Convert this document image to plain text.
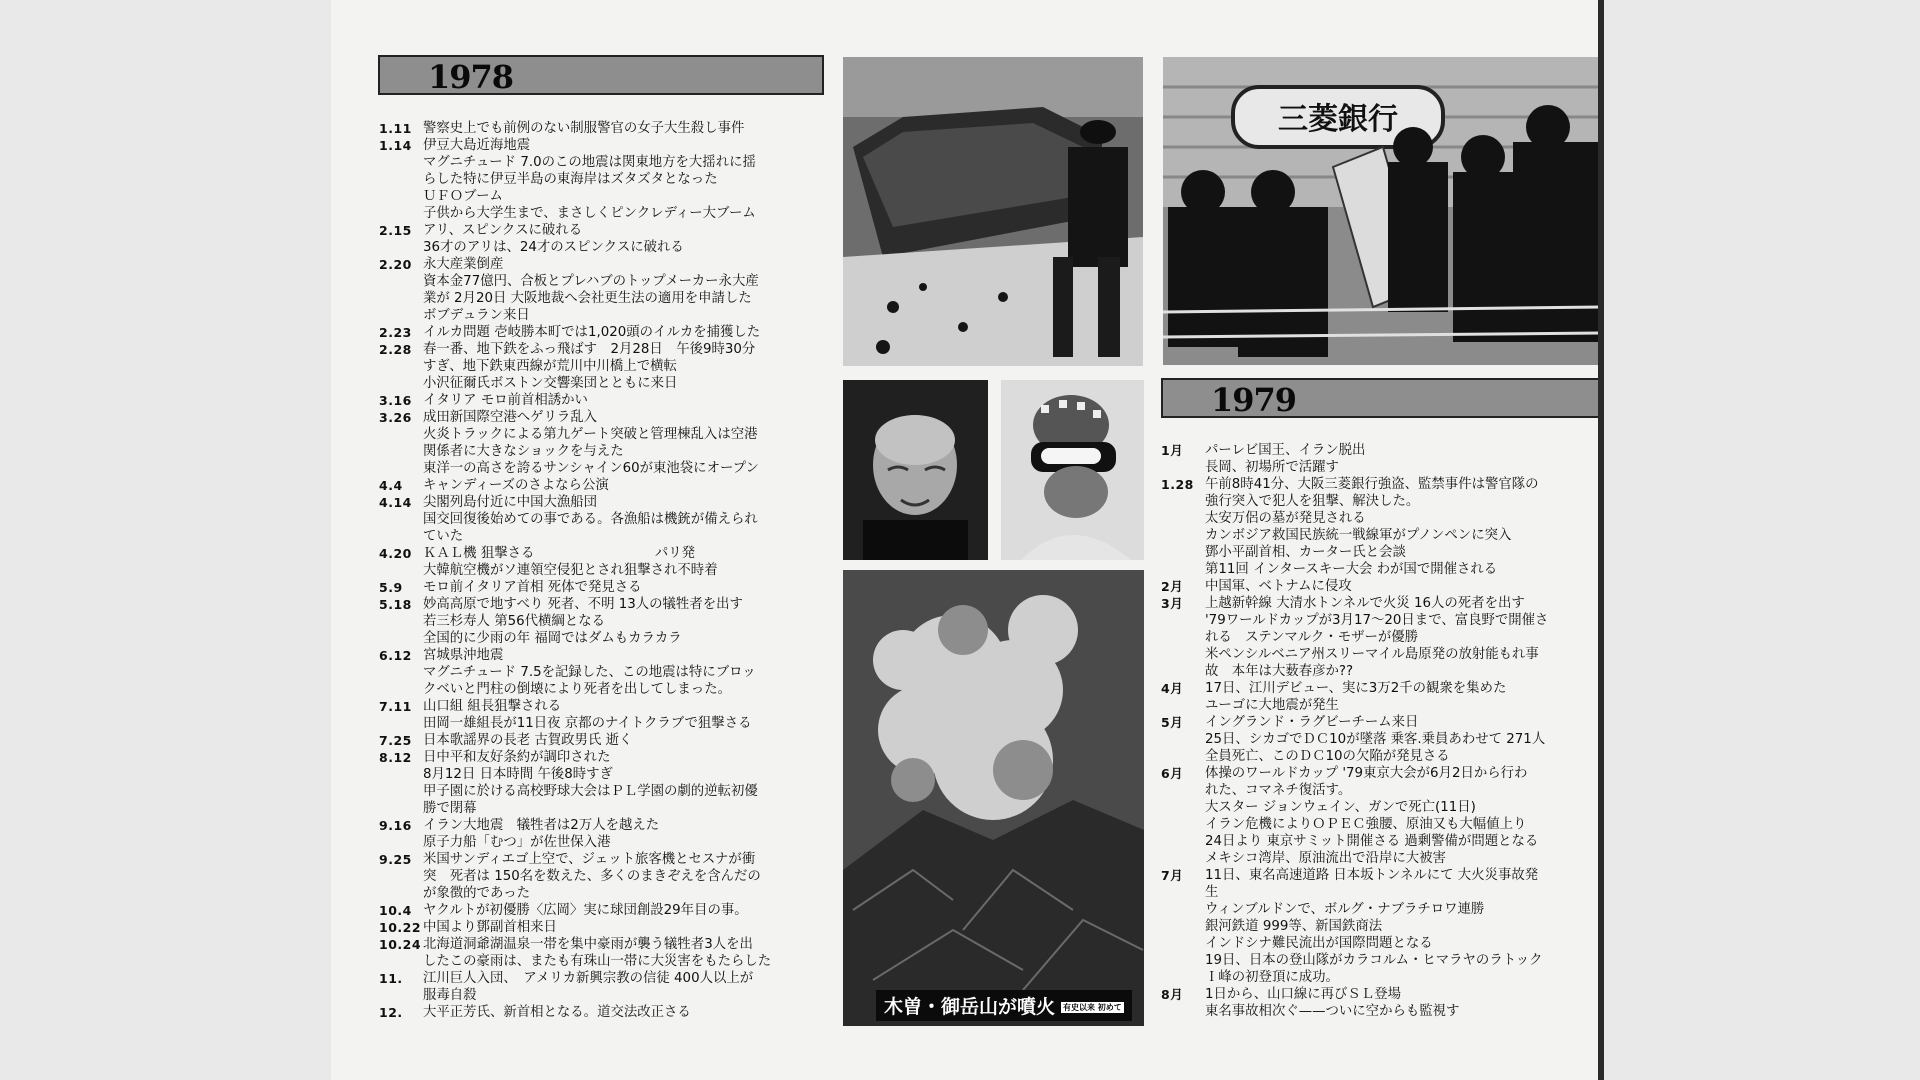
1978
1.11 警察史上でも前例のない制服警官の女子大生殺し事件
1.14 伊豆大島近海地震
マグニチュード 7.0のこの地震は関東地方を大揺れに揺
らした特に伊豆半島の東海岸はズタズタとなった
ＵＦＯブーム
子供から大学生まで、まさしくピンクレディー大ブーム
2.15 アリ、スピンクスに破れる
36才のアリは、24才のスピンクスに破れる
2.20 永大産業倒産
資本金77億円、合板とプレハブのトップメーカー永大産
業が 2月20日 大阪地裁へ会社更生法の適用を申請した
ボブデュラン来日
2.23 イルカ問題 壱岐勝本町では1,020頭のイルカを捕獲した
2.28 春一番、地下鉄をふっ飛ばす　2月28日　午後9時30分
すぎ、地下鉄東西線が荒川中川橋上で横転
小沢征爾氏ボストン交響楽団とともに来日
3.16 イタリア モロ前首相誘かい
3.26 成田新国際空港へゲリラ乱入
火炎トラックによる第九ゲート突破と管理棟乱入は空港
関係者に大きなショックを与えた
東洋一の高さを誇るサンシャイン60が東池袋にオープン
4.4	キャンディーズのさよなら公演
4.14 尖閣列島付近に中国大漁船団
国交回復後始めての事である。各漁船は機銃が備えられ
ていた
4.20 ＫＡＬ機 狙撃さる　　　　　　　　　パリ発
大韓航空機がソ連領空侵犯とされ狙撃され不時着
5.9	モロ前イタリア首相 死体で発見さる
5.18 妙高高原で地すべり 死者、不明 13人の犠牲者を出す
若三杉寿人 第56代横綱となる
全国的に少雨の年 福岡ではダムもカラカラ
6.12 宮城県沖地震
マグニチュード 7.5を記録した、この地震は特にブロッ
クベいと門柱の倒壊により死者を出してしまった。
7.11 山口組 組長狙撃される
田岡一雄組長が11日夜 京都のナイトクラブで狙撃さる
7.25 日本歌謡界の長老 古賀政男氏 逝く
8.12 日中平和友好条約が調印された
8月12日 日本時間 午後8時すぎ
甲子園に於ける高校野球大会はＰＬ学園の劇的逆転初優
勝で閉幕
9.16 イラン大地震　犠牲者は2万人を越えた
原子力船「むつ」が佐世保入港
9.25 米国サンディエゴ上空で、ジェット旅客機とセスナが衝
突　死者は 150名を数えた、多くのまきぞえを含んだの
が象徴的であった
10.4 ヤクルトが初優勝〈広岡〉実に球団創設29年目の事。
10.22 中国より鄧副首相来日
10.24 北海道洞爺湖温泉一帯を集中豪雨が襲う犠牲者3人を出
したこの豪雨は、またも有珠山一帯に大災害をもたらした
11.	江川巨人入団、　アメリカ新興宗教の信徒 400人以上が
服毒自殺
12.	大平正芳氏、新首相となる。道交法改正さる
三菱銀行
木曽・御岳山が噴火 有史以来 初めて
1979
1月	パーレビ国王、イラン脱出
長岡、初場所で活躍す
1.28 午前8時41分、大阪三菱銀行強盗、監禁事件は警官隊の
強行突入で犯人を狙撃、解決した。
太安万侶の墓が発見される
カンボジア救国民族統一戦線軍がプノンペンに突入
鄧小平副首相、カーター氏と会談
第11回 インタースキー大会 わが国で開催される
2月	中国軍、ベトナムに侵攻
3月	上越新幹線 大清水トンネルで火災 16人の死者を出す
'79ワールドカップが3月17〜20日まで、富良野で開催さ
れる　ステンマルク・モザーが優勝
米ペンシルベニア州スリーマイル島原発の放射能もれ事
故　本年は大薮春彦か??
4月	17日、江川デビュー、実に3万2千の観衆を集めた
ユーゴに大地震が発生
5月	イングランド・ラグビーチーム来日
25日、シカゴでＤＣ10が墜落 乗客.乗員あわせて 271人
全員死亡、このＤＣ10の欠陥が発見さる
6月	体操のワールドカップ '79東京大会が6月2日から行わ
れた、コマネチ復活す。
大スター ジョンウェイン、ガンで死亡(11日)
イラン危機によりＯＰＥＣ強腰、原油又も大幅値上り
24日より 東京サミット開催さる 過剰警備が問題となる
メキシコ湾岸、原油流出で沿岸に大被害
7月	11日、東名高速道路 日本坂トンネルにて 大火災事故発
生
ウィンブルドンで、ボルグ・ナブラチロワ連勝
銀河鉄道 999等、新国鉄商法
インドシナ難民流出が国際問題となる
19日、日本の登山隊がカラコルム・ヒマラヤのラトック
Ｉ峰の初登頂に成功。
8月	1日から、山口線に再びＳＬ登場
東名事故相次ぐ——ついに空からも監視す
